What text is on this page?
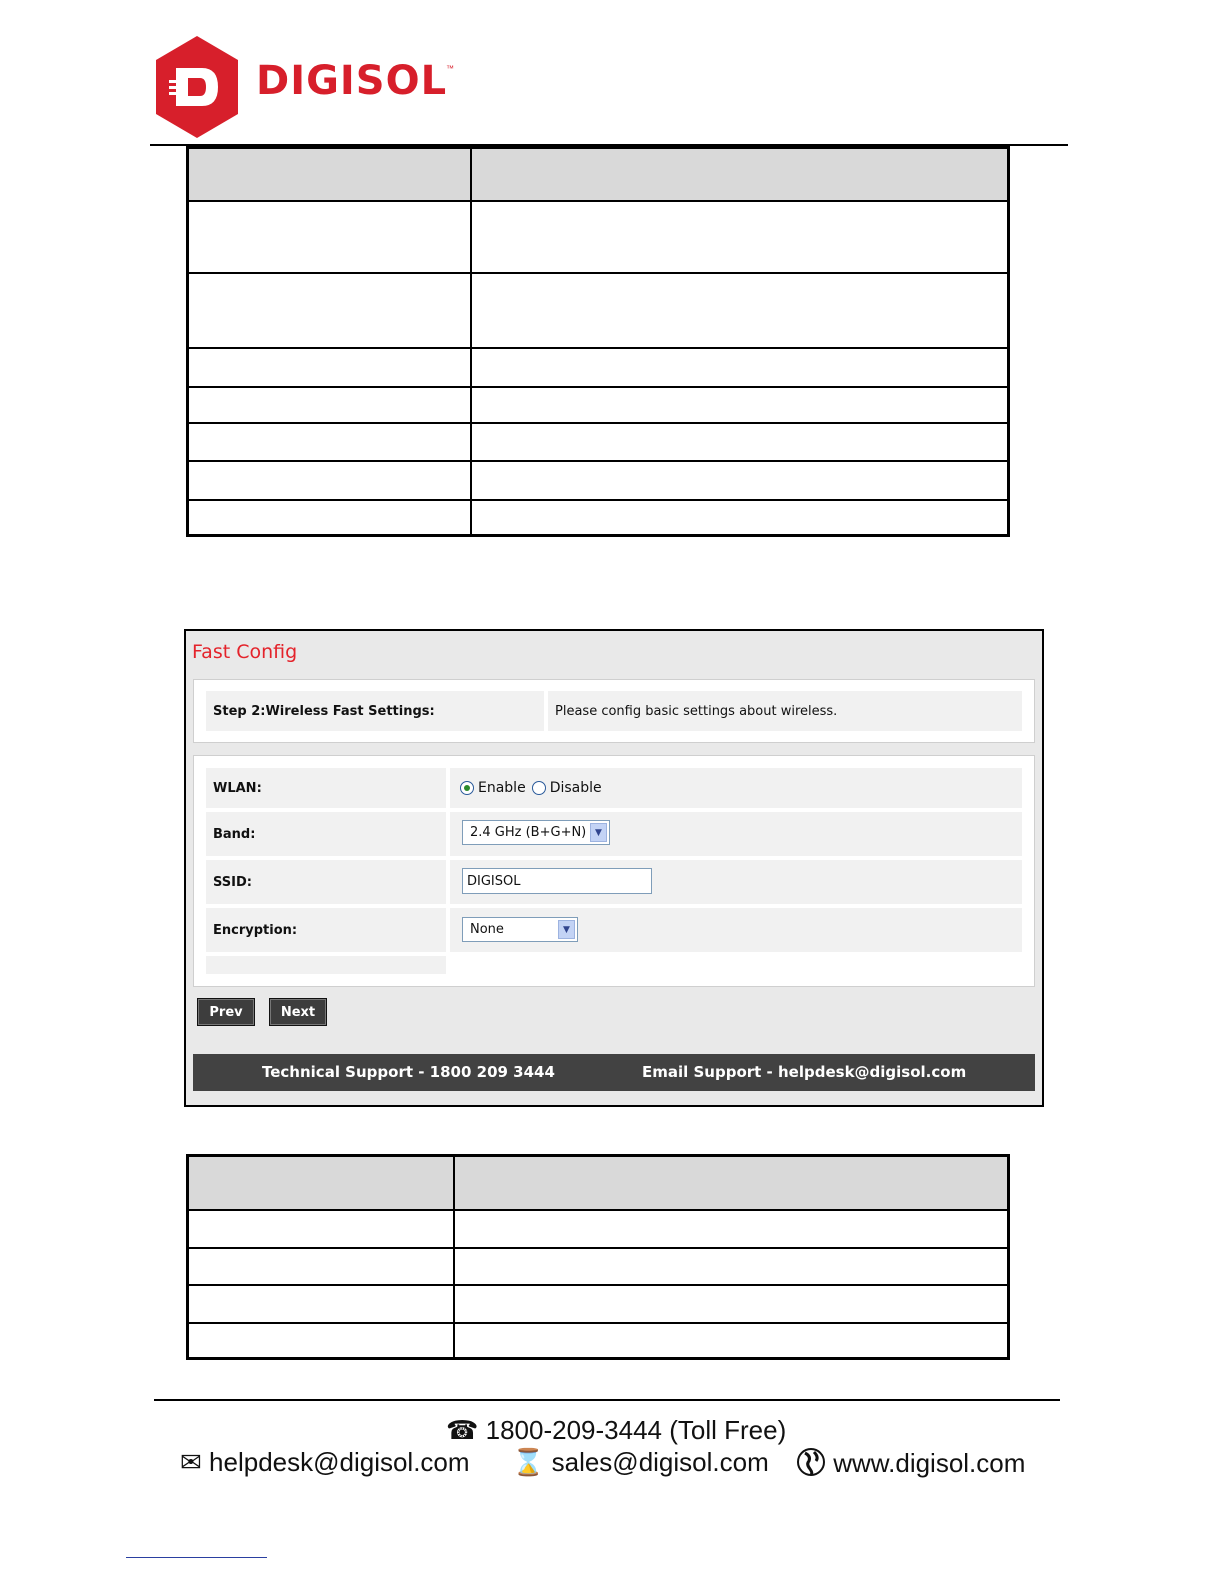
DIGISOL
™

Fast Config
Step 2:Wireless Fast Settings:	Please config basic settings about wireless.
WLAN:	Enable Disable
Band:	2.4 GHz (B+G+N) ▼
SSID:	DIGISOL
Encryption:	None	▼
Prev	Next
Technical Support - 1800 209 3444	Email Support - helpdesk@digisol.com

☎ 1800-209-3444 (Toll Free)
✉ helpdesk@digisol.com ⌛ sales@digisol.com	www.digisol.com
